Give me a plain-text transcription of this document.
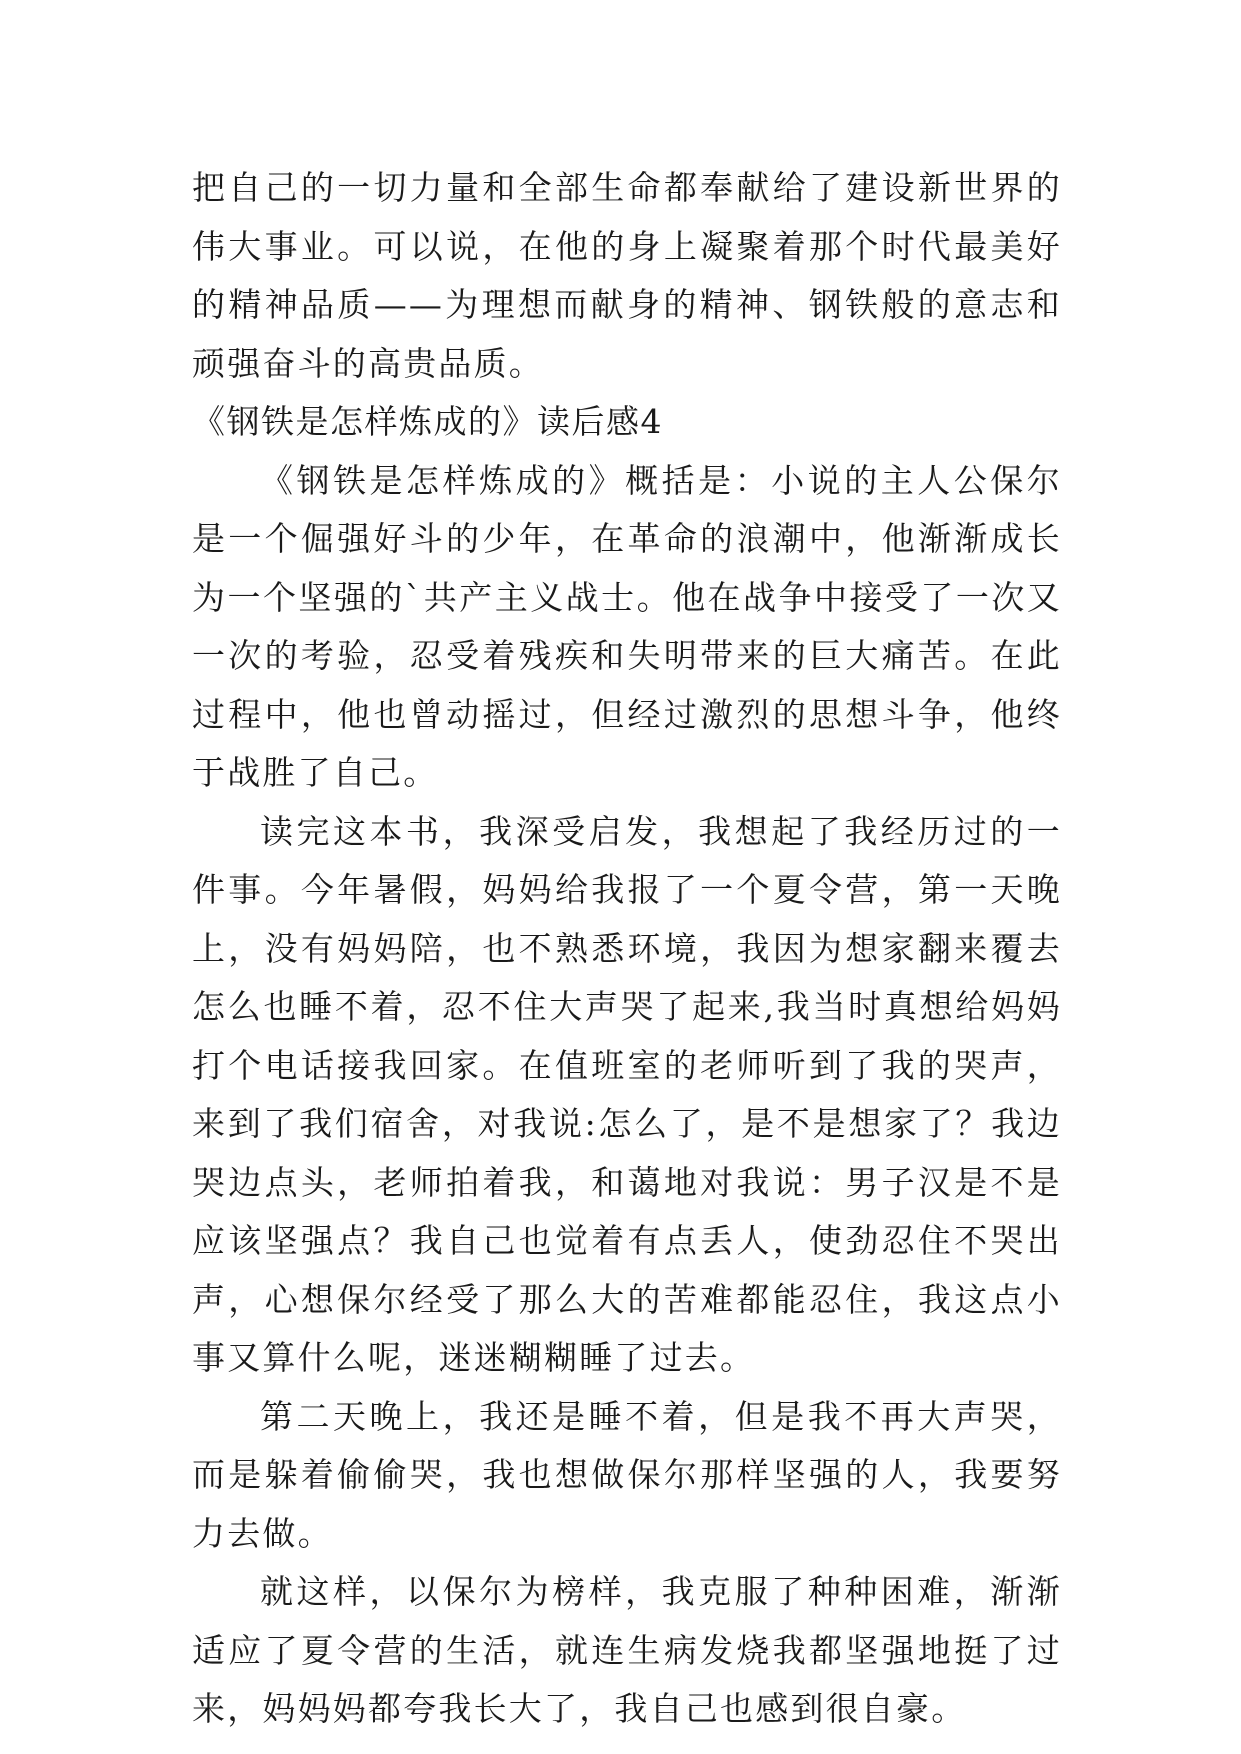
把自己的一切力量和全部生命都奉献给了建设新世界的伟大事业。可以说，在他的身上凝聚着那个时代最美好的精神品质——为理想而献身的精神、钢铁般的意志和顽强奋斗的高贵品质。

《钢铁是怎样炼成的》读后感4

《钢铁是怎样炼成的》概括是：小说的主人公保尔是一个倔强好斗的少年，在革命的浪潮中，他渐渐成长为一个坚强的`共产主义战士。他在战争中接受了一次又一次的考验，忍受着残疾和失明带来的巨大痛苦。在此过程中，他也曾动摇过，但经过激烈的思想斗争，他终于战胜了自己。

读完这本书，我深受启发，我想起了我经历过的一件事。今年暑假，妈妈给我报了一个夏令营，第一天晚上，没有妈妈陪，也不熟悉环境，我因为想家翻来覆去怎么也睡不着，忍不住大声哭了起来,我当时真想给妈妈打个电话接我回家。在值班室的老师听到了我的哭声，来到了我们宿舍，对我说:怎么了，是不是想家了？我边哭边点头，老师拍着我，和蔼地对我说：男子汉是不是应该坚强点？我自己也觉着有点丢人，使劲忍住不哭出声，心想保尔经受了那么大的苦难都能忍住，我这点小事又算什么呢，迷迷糊糊睡了过去。

第二天晚上，我还是睡不着，但是我不再大声哭，而是躲着偷偷哭，我也想做保尔那样坚强的人，我要努力去做。

就这样，以保尔为榜样，我克服了种种困难，渐渐适应了夏令营的生活，就连生病发烧我都坚强地挺了过来，妈妈妈都夸我长大了，我自己也感到很自豪。
